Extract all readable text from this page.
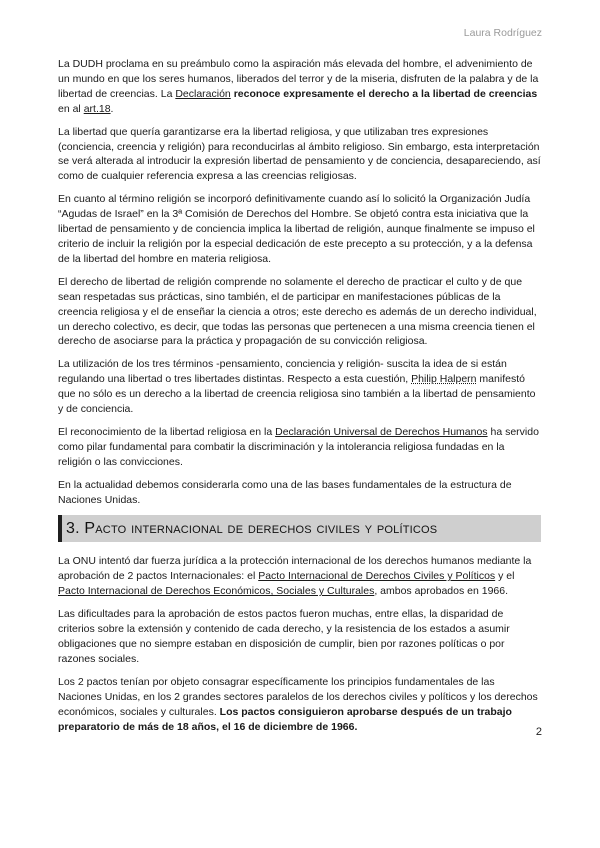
Laura Rodríguez

La DUDH proclama en su preámbulo como la aspiración más elevada del hombre, el advenimiento de un mundo en que los seres humanos, liberados del terror y de la miseria, disfruten de la palabra y de la libertad de creencias. La Declaración reconoce expresamente el derecho a la libertad de creencias en al art.18.

La libertad que quería garantizarse era la libertad religiosa, y que utilizaban tres expresiones (conciencia, creencia y religión) para reconducirlas al ámbito religioso. Sin embargo, esta interpretación se verá alterada al introducir la expresión libertad de pensamiento y de conciencia, desapareciendo, así como de cualquier referencia expresa a las creencias religiosas.

En cuanto al término religión se incorporó definitivamente cuando así lo solicitó la Organización Judía “Agudas de Israel” en la 3ª Comisión de Derechos del Hombre. Se objetó contra esta iniciativa que la libertad de pensamiento y de conciencia implica la libertad de religión, aunque finalmente se impuso el criterio de incluir la religión por la especial dedicación de este precepto a su protección, y a la defensa de la libertad del hombre en materia religiosa.

El derecho de libertad de religión comprende no solamente el derecho de practicar el culto y de que sean respetadas sus prácticas, sino también, el de participar en manifestaciones públicas de la creencia religiosa y el de enseñar la ciencia a otros; este derecho es además de un derecho individual, un derecho colectivo, es decir, que todas las personas que pertenecen a una misma creencia tienen el derecho de asociarse para la práctica y propagación de su convicción religiosa.

La utilización de los tres términos -pensamiento, conciencia y religión- suscita la idea de si están regulando una libertad o tres libertades distintas. Respecto a esta cuestión, Philip Halpern manifestó que no sólo es un derecho a la libertad de creencia religiosa sino también a la libertad de pensamiento y de conciencia.

El reconocimiento de la libertad religiosa en la Declaración Universal de Derechos Humanos ha servido como pilar fundamental para combatir la discriminación y la intolerancia religiosa fundadas en la religión o las convicciones.

En la actualidad debemos considerarla como una de las bases fundamentales de la estructura de Naciones Unidas.

3. Pacto internacional de derechos civiles y políticos

La ONU intentó dar fuerza jurídica a la protección internacional de los derechos humanos mediante la aprobación de 2 pactos Internacionales: el Pacto Internacional de Derechos Civiles y Políticos y el Pacto Internacional de Derechos Económicos, Sociales y Culturales, ambos aprobados en 1966.

Las dificultades para la aprobación de estos pactos fueron muchas, entre ellas, la disparidad de criterios sobre la extensión y contenido de cada derecho, y la resistencia de los estados a asumir obligaciones que no siempre estaban en disposición de cumplir, bien por razones políticas o por razones sociales.

Los 2 pactos tenían por objeto consagrar específicamente los principios fundamentales de las Naciones Unidas, en los 2 grandes sectores paralelos de los derechos civiles y políticos y los derechos económicos, sociales y culturales. Los pactos consiguieron aprobarse después de un trabajo preparatorio de más de 18 años, el 16 de diciembre de 1966.	2
